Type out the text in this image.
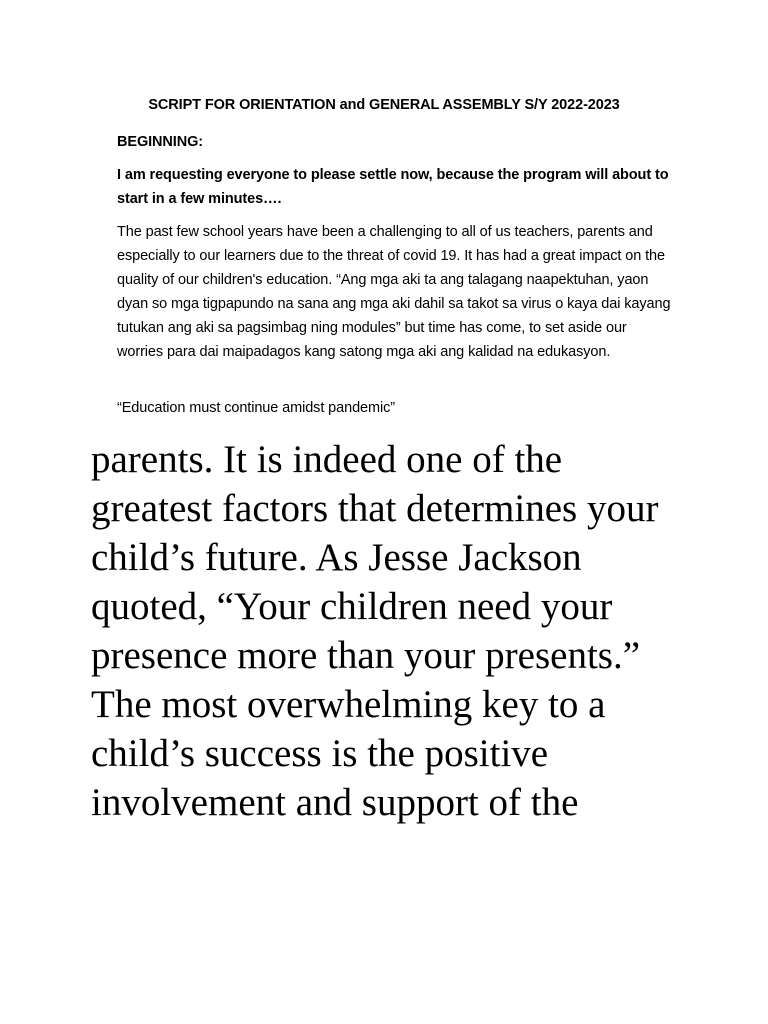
SCRIPT FOR ORIENTATION and GENERAL ASSEMBLY S/Y 2022-2023

BEGINNING:

I am requesting everyone to please settle now, because the program will about to start in a few minutes….

The past few school years have been a challenging to all of us teachers, parents and especially to our learners due to the threat of covid 19. It has had a great impact on the quality of our children's education. “Ang mga aki ta ang talagang naapektuhan, yaon dyan so mga tigpapundo na sana ang mga aki dahil sa takot sa virus o kaya dai kayang tutukan ang aki sa pagsimbag ning modules” but time has come, to set aside our worries para dai maipadagos kang satong mga aki ang kalidad na edukasyon.

“Education must continue amidst pandemic”

parents. It is indeed one of the greatest factors that determines your child’s future. As Jesse Jackson quoted, “Your children need your presence more than your presents.”
The most overwhelming key to a child’s success is the positive involvement and support of the
